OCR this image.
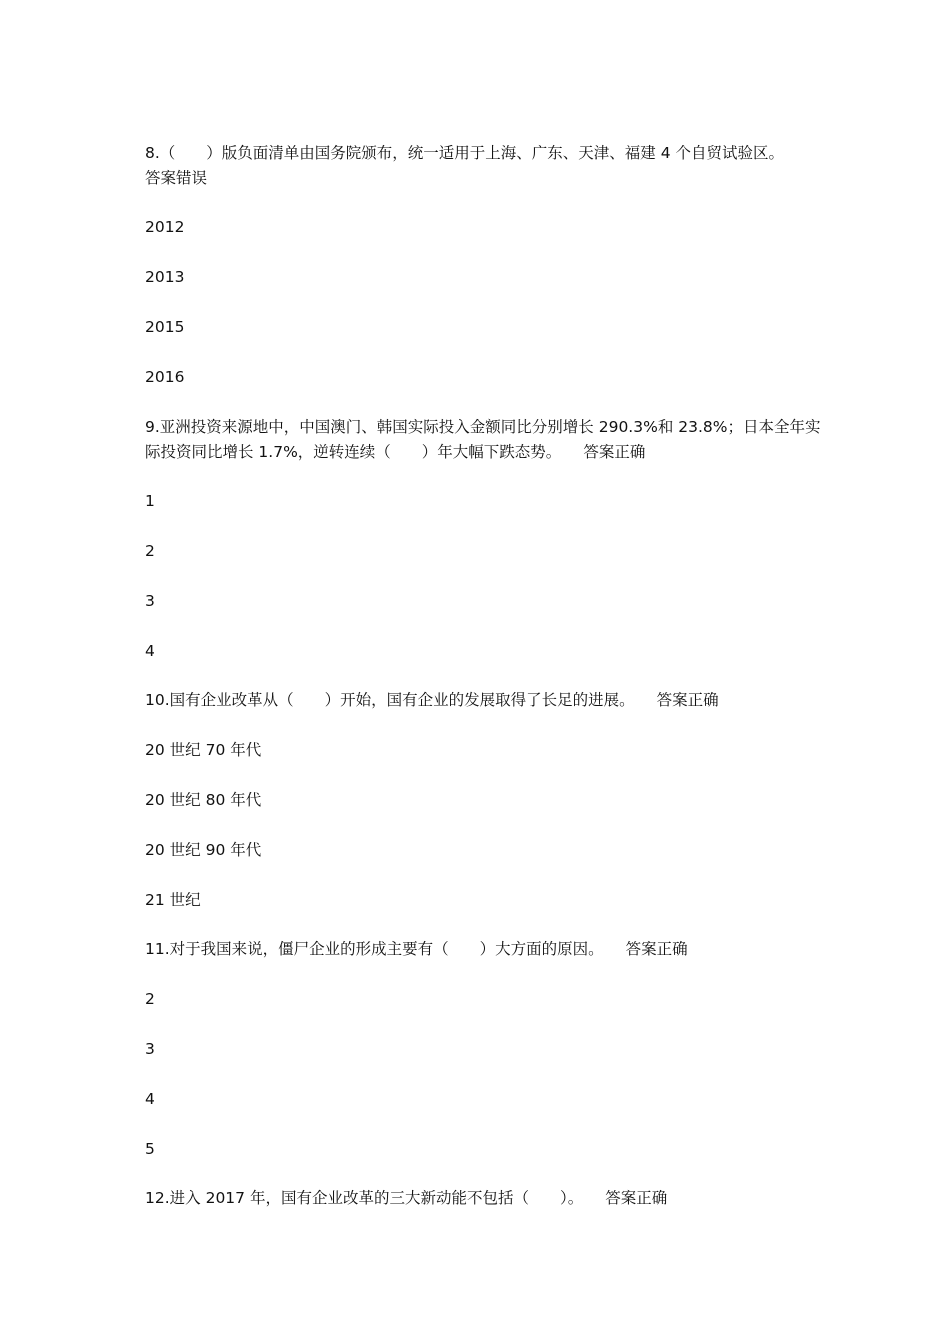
8.（　　）版负面清单由国务院颁布，统一适用于上海、广东、天津、福建 4 个自贸试验区。
答案错误

2012

2013

2015

2016

9.亚洲投资来源地中，中国澳门、韩国实际投入金额同比分别增长 290.3%和 23.8%；日本全年实际投资同比增长 1.7%，逆转连续（　　）年大幅下跌态势。 答案正确

1

2

3

4

10.国有企业改革从（　　）开始，国有企业的发展取得了长足的进展。 答案正确

20 世纪 70 年代

20 世纪 80 年代

20 世纪 90 年代

21 世纪

11.对于我国来说，僵尸企业的形成主要有（　　）大方面的原因。 答案正确

2

3

4

5

12.进入 2017 年，国有企业改革的三大新动能不包括（　　）。 答案正确
